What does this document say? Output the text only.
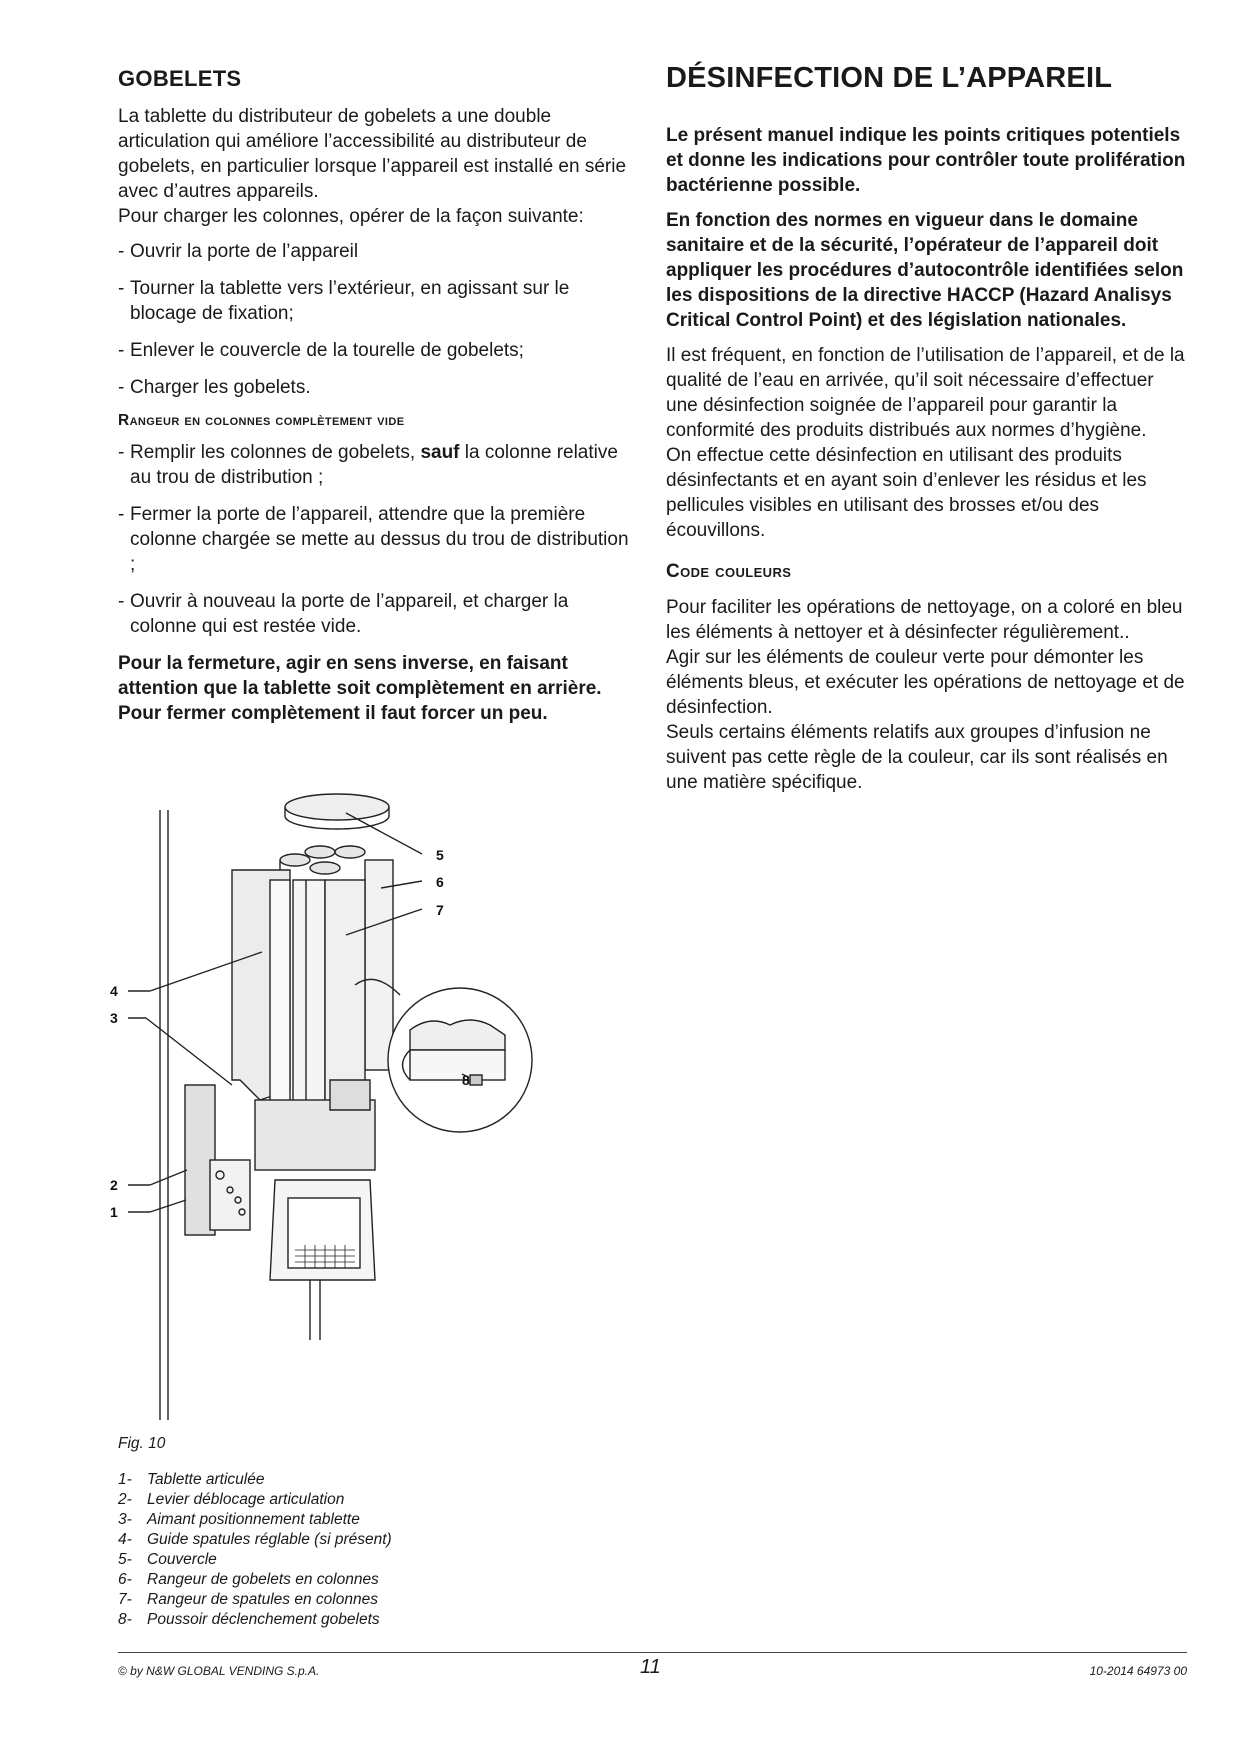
GOBELETS

La tablette du distributeur de gobelets a une double articulation qui améliore l’accessibilité au distributeur de gobelets, en particulier lorsque l’appareil est installé en série avec d’autres appareils.

Pour charger les colonnes, opérer de la façon suivante:

- Ouvrir la porte de l’appareil
- Tourner la tablette vers l’extérieur, en agissant sur le blocage de fixation;
- Enlever le couvercle de la tourelle de gobelets;
- Charger les gobelets.
Rangeur en colonnes complètement vide
- Remplir les colonnes de gobelets, sauf la colonne relative au trou de distribution ;
- Fermer la porte de l’appareil, attendre que la première colonne chargée se mette au dessus du trou de distribution ;
- Ouvrir à nouveau la porte de l’appareil, et charger la colonne qui est restée vide.

Pour la fermeture, agir en sens inverse, en faisant attention que la tablette soit complètement en arrière. Pour fermer complètement il faut forcer un peu.

DÉSINFECTION DE L’APPAREIL

Le présent manuel indique les points critiques potentiels et donne les indications pour contrôler toute prolifération bactérienne possible.

En fonction des normes en vigueur dans le domaine sanitaire et de la sécurité, l’opérateur de l’appareil doit appliquer les procédures d’autocontrôle identifiées selon les dispositions de la directive HACCP (Hazard Analisys Critical Control Point) et des législation nationales.

Il est fréquent, en fonction de l’utilisation de l’appareil, et de la qualité de l’eau en arrivée, qu’il soit nécessaire d’effectuer une désinfection soignée de l’appareil pour garantir la conformité des produits distribués aux normes d’hygiène.

On effectue cette désinfection en utilisant des produits désinfectants et en ayant soin d’enlever les résidus et les pellicules visibles en utilisant des brosses et/ou des écouvillons.

Code couleurs

Pour faciliter les opérations de nettoyage, on a coloré en bleu les éléments à nettoyer et à désinfecter régulièrement..

Agir sur les éléments de couleur verte pour démonter les éléments bleus, et exécuter les opérations de nettoyage et de désinfection.

Seuls certains éléments relatifs aux groupes d’infusion ne suivent pas cette règle de la couleur, car ils sont réalisés en une matière spécifique.

4
3
2
1
5
6
7
8
Fig. 10
1- Tablette articulée
2- Levier déblocage articulation
3- Aimant positionnement tablette
4- Guide spatules réglable (si présent)
5- Couvercle
6- Rangeur de gobelets en colonnes
7- Rangeur de spatules en colonnes
8- Poussoir déclenchement gobelets
© by N&W GLOBAL VENDING S.p.A.	11	10-2014 64973 00
